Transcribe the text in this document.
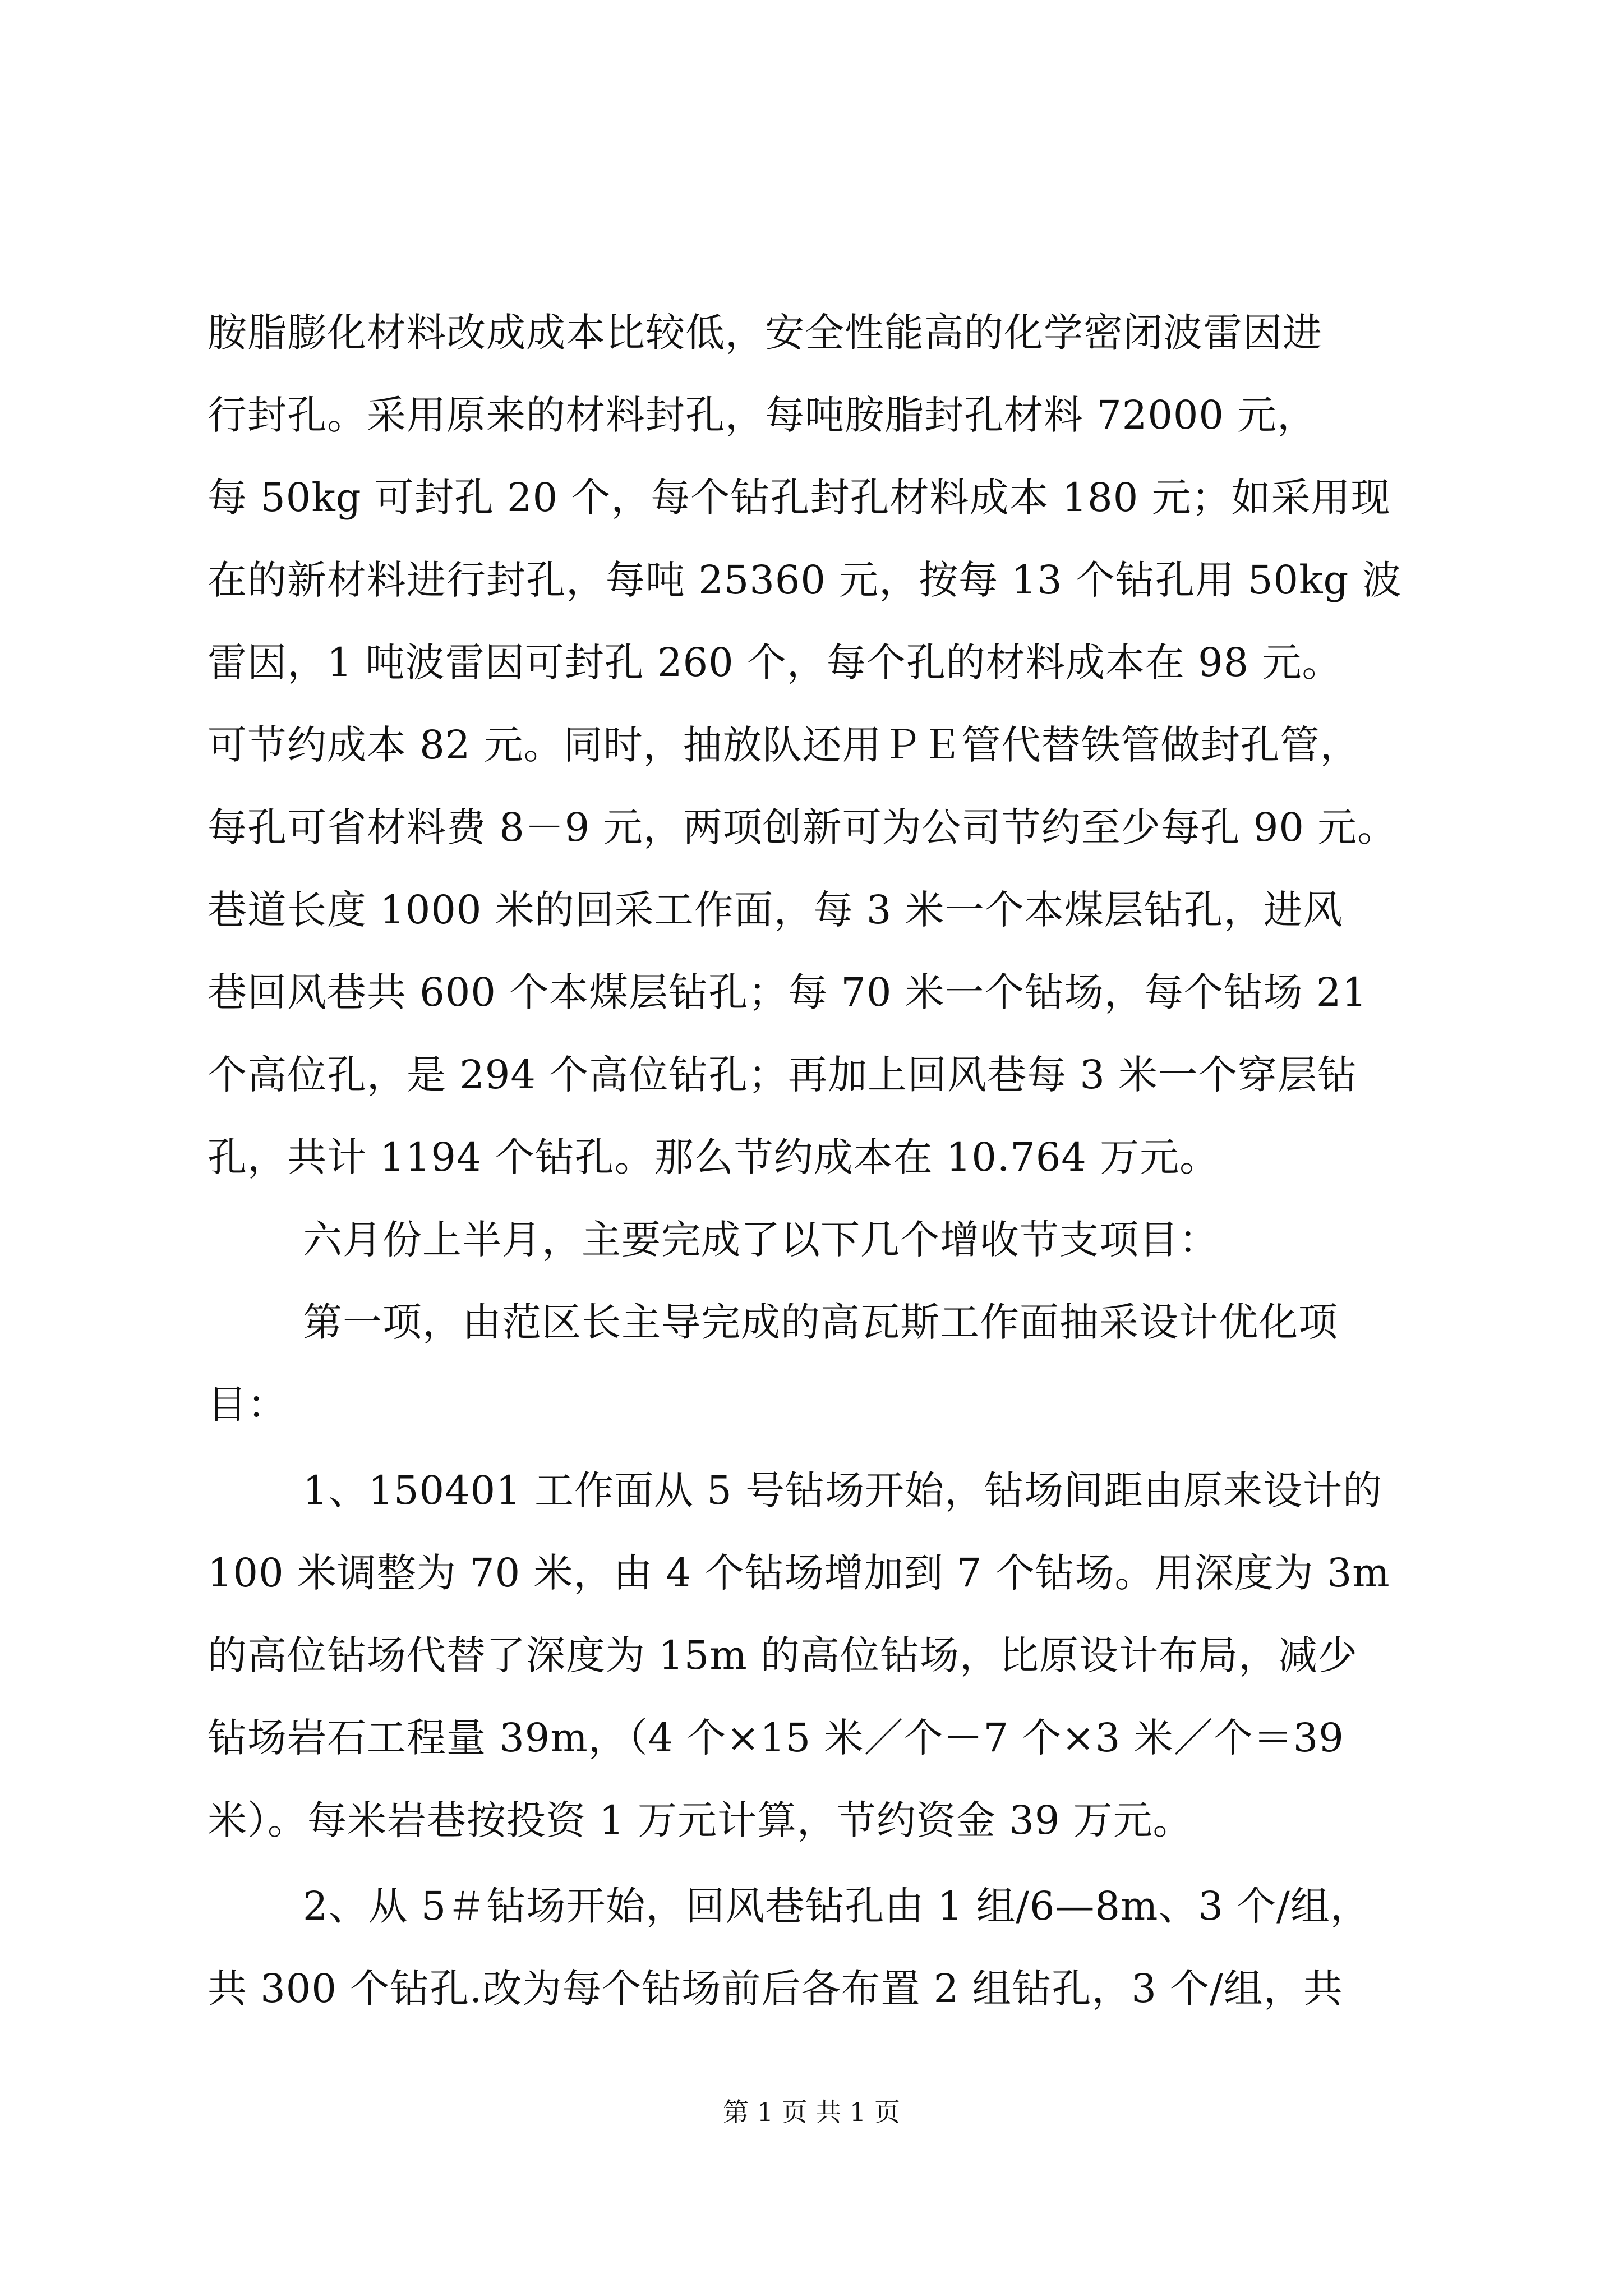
胺脂膨化材料改成成本比较低，安全性能高的化学密闭波雷因进
行封孔。采用原来的材料封孔，每吨胺脂封孔材料 72000 元，
每 50kg 可封孔 20 个，每个钻孔封孔材料成本 180 元；如采用现
在的新材料进行封孔，每吨 25360 元，按每 13 个钻孔用 50kg 波
雷因，1 吨波雷因可封孔 260 个，每个孔的材料成本在 98 元。
可节约成本 82 元。同时，抽放队还用ＰＥ管代替铁管做封孔管，
每孔可省材料费 8－9 元，两项创新可为公司节约至少每孔 90 元。
巷道长度 1000 米的回采工作面，每 3 米一个本煤层钻孔，进风
巷回风巷共 600 个本煤层钻孔；每 70 米一个钻场，每个钻场 21
个高位孔，是 294 个高位钻孔；再加上回风巷每 3 米一个穿层钻
孔，共计 1194 个钻孔。那么节约成本在 10.764 万元。
六月份上半月，主要完成了以下几个增收节支项目：
第一项，由范区长主导完成的高瓦斯工作面抽采设计优化项
目：
1、150401 工作面从 5 号钻场开始，钻场间距由原来设计的
100 米调整为 70 米，由 4 个钻场增加到 7 个钻场。用深度为 3m
的高位钻场代替了深度为 15m 的高位钻场，比原设计布局，减少
钻场岩石工程量 39m，（4 个×15 米／个－7 个×3 米／个＝39
米）。每米岩巷按投资 1 万元计算，节约资金 39 万元。
2、从 5＃钻场开始，回风巷钻孔由 1 组/6—8m、3 个/组，
共 300 个钻孔.改为每个钻场前后各布置 2 组钻孔，3 个/组，共
第 1 页 共 1 页
